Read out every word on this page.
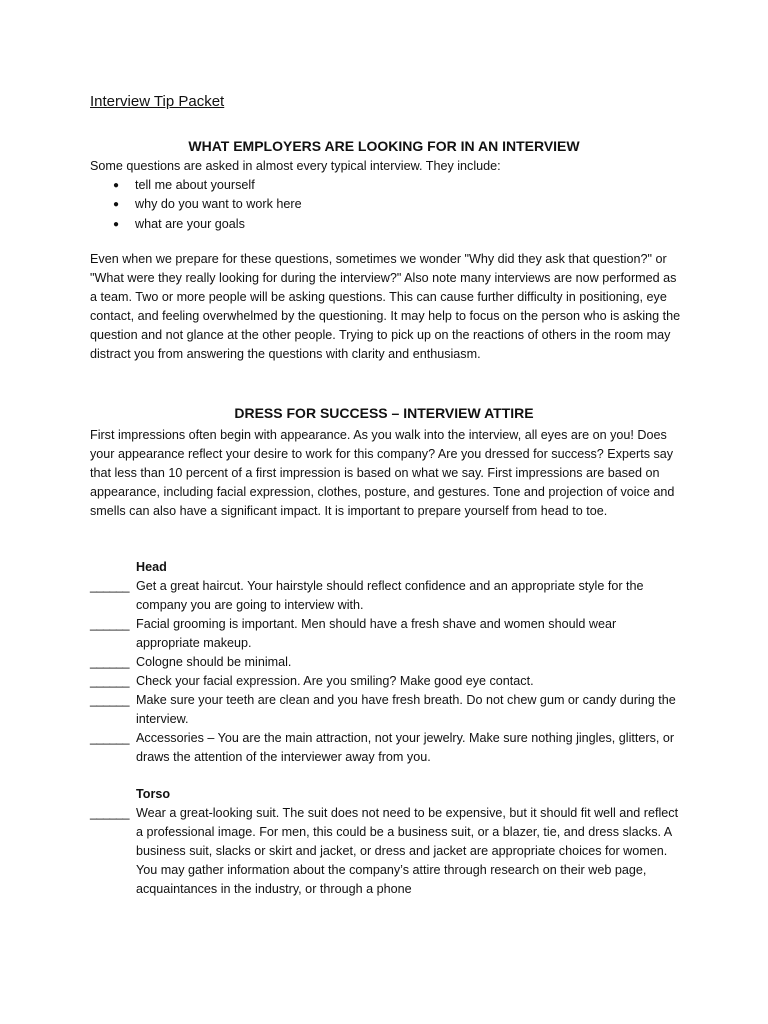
Interview Tip Packet
WHAT EMPLOYERS ARE LOOKING FOR IN AN INTERVIEW

Some questions are asked in almost every typical interview. They include:

● tell me about yourself
● why do you want to work here
● what are your goals

Even when we prepare for these questions, sometimes we wonder "Why did they ask that question?" or "What were they really looking for during the interview?" Also note many interviews are now performed as a team. Two or more people will be asking questions. This can cause further difficulty in positioning, eye contact, and feeling overwhelmed by the questioning. It may help to focus on the person who is asking the question and not glance at the other people. Trying to pick up on the reactions of others in the room may distract you from answering the questions with clarity and enthusiasm.

DRESS FOR SUCCESS – INTERVIEW ATTIRE

First impressions often begin with appearance. As you walk into the interview, all eyes are on you! Does your appearance reflect your desire to work for this company? Are you dressed for success? Experts say that less than 10 percent of a first impression is based on what we say. First impressions are based on appearance, including facial expression, clothes, posture, and gestures. Tone and projection of voice and smells can also have a significant impact. It is important to prepare yourself from head to toe.

Head

______ Get a great haircut. Your hairstyle should reflect confidence and an appropriate style for the company you are going to interview with.
______ Facial grooming is important. Men should have a fresh shave and women should wear appropriate makeup.
______ Cologne should be minimal.
______ Check your facial expression. Are you smiling? Make good eye contact.
______ Make sure your teeth are clean and you have fresh breath. Do not chew gum or candy during the interview.
______ Accessories – You are the main attraction, not your jewelry. Make sure nothing jingles, glitters, or draws the attention of the interviewer away from you.

Torso

______ Wear a great-looking suit. The suit does not need to be expensive, but it should fit well and reflect a professional image. For men, this could be a business suit, or a blazer, tie, and dress slacks. A business suit, slacks or skirt and jacket, or dress and jacket are appropriate choices for women. You may gather information about the company’s attire through research on their web page, acquaintances in the industry, or through a phone
